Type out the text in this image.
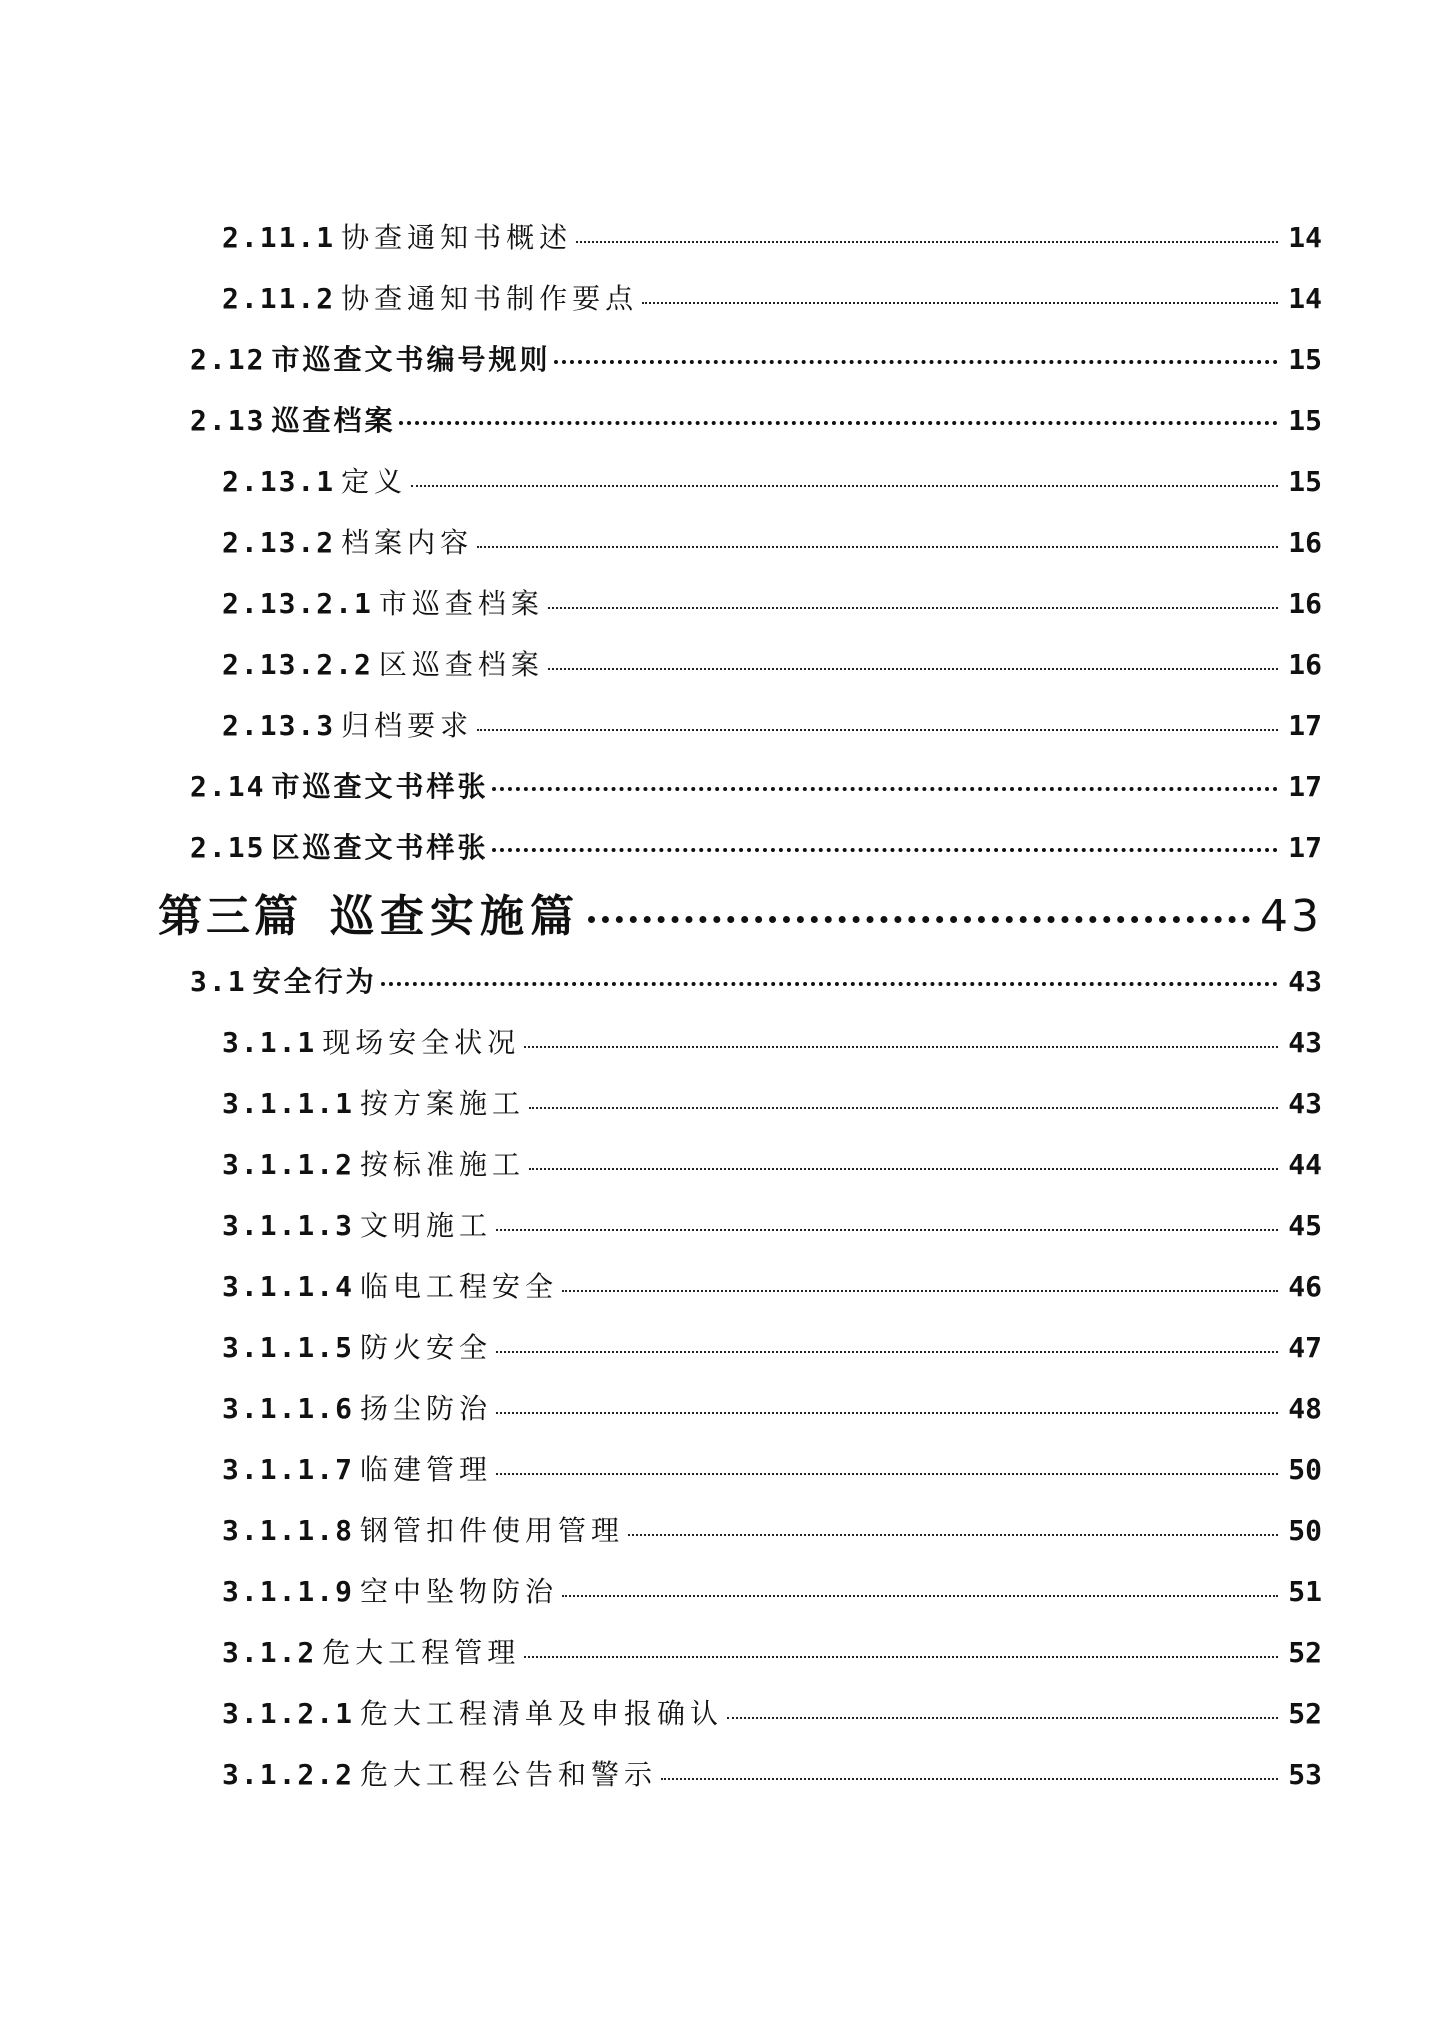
2.11.1 协查通知书概述	14
2.11.2 协查通知书制作要点	14
2.12 市巡查文书编号规则	15
2.13 巡查档案	15
2.13.1 定义	15
2.13.2 档案内容	16
2.13.2.1 市巡查档案	16
2.13.2.2 区巡查档案	16
2.13.3 归档要求	17
2.14 市巡查文书样张	17
2.15 区巡查文书样张	17
第三篇 巡查实施篇	43
3.1 安全行为	43
3.1.1 现场安全状况	43
3.1.1.1 按方案施工	43
3.1.1.2 按标准施工	44
3.1.1.3 文明施工	45
3.1.1.4 临电工程安全	46
3.1.1.5 防火安全	47
3.1.1.6 扬尘防治	48
3.1.1.7 临建管理	50
3.1.1.8 钢管扣件使用管理	50
3.1.1.9 空中坠物防治	51
3.1.2 危大工程管理	52
3.1.2.1 危大工程清单及申报确认	52
3.1.2.2 危大工程公告和警示	53
